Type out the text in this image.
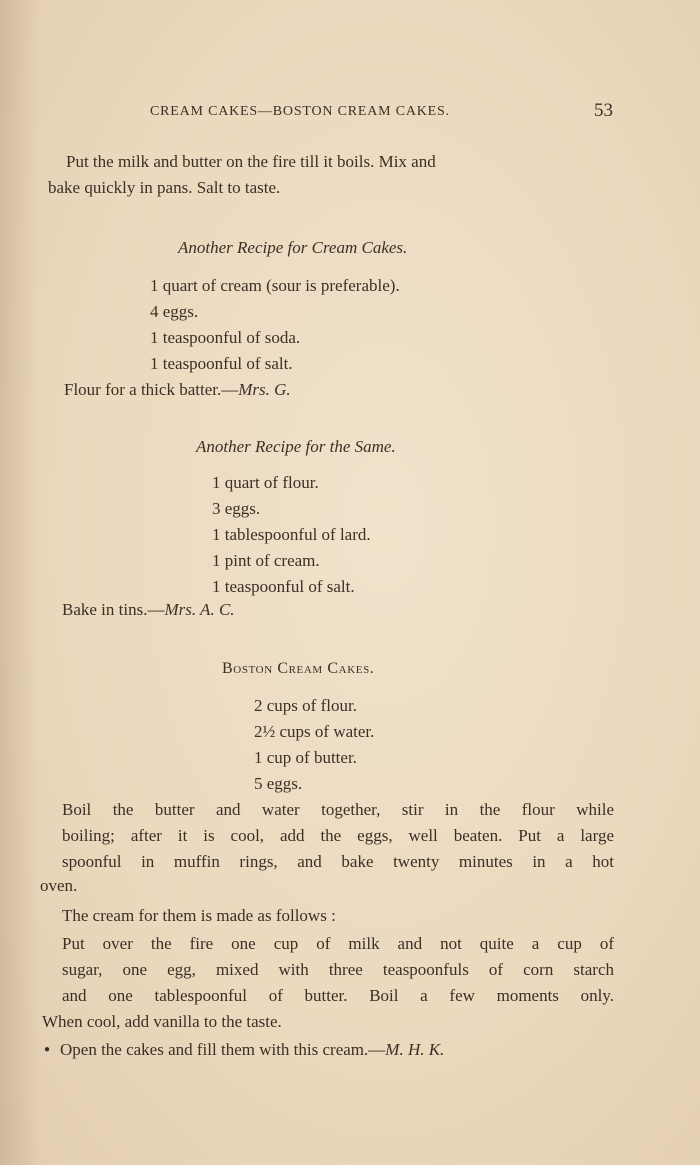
CREAM CAKES—BOSTON CREAM CAKES.	53
Put the milk and butter on the fire till it boils. Mix and
bake quickly in pans. Salt to taste.
Another Recipe for Cream Cakes.
1 quart of cream (sour is preferable).
4 eggs.
1 teaspoonful of soda.
1 teaspoonful of salt.
Flour for a thick batter.—Mrs. G.
Another Recipe for the Same.
1 quart of flour.
3 eggs.
1 tablespoonful of lard.
1 pint of cream.
1 teaspoonful of salt.
Bake in tins.—Mrs. A. C.
Boston Cream Cakes.
2 cups of flour.
2½ cups of water.
1 cup of butter.
5 eggs.
Boil the butter and water together, stir in the flour while
boiling; after it is cool, add the eggs, well beaten. Put a large
spoonful in muffin rings, and bake twenty minutes in a hot
oven.
The cream for them is made as follows :
Put over the fire one cup of milk and not quite a cup of
sugar, one egg, mixed with three teaspoonfuls of corn starch
and one tablespoonful of butter. Boil a few moments only.
When cool, add vanilla to the taste.
● Open the cakes and fill them with this cream.—M. H. K.
